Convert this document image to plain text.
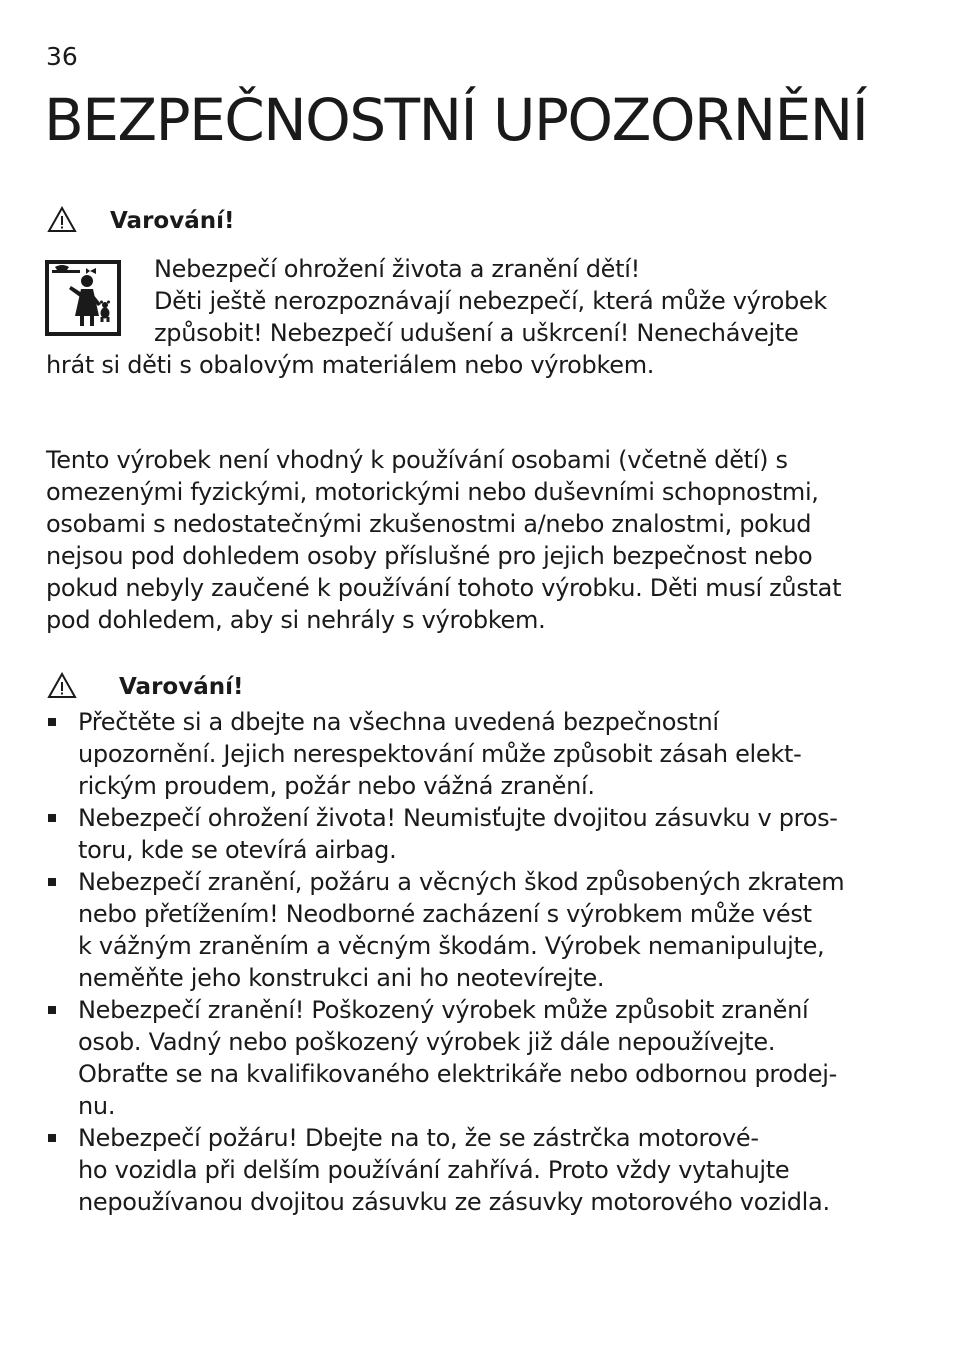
36
BEZPEČNOSTNÍ UPOZORNĚNÍ
Varování!
Nebezpečí ohrožení života a zranění dětí!
Děti ještě nerozpoznávají nebezpečí, která může výrobek
způsobit! Nebezpečí udušení a uškrcení! Nenechávejte
hrát si děti s obalovým materiálem nebo výrobkem.
Tento výrobek není vhodný k používání osobami (včetně dětí) s
omezenými fyzickými, motorickými nebo duševními schopnostmi,
osobami s nedostatečnými zkušenostmi a/nebo znalostmi, pokud
nejsou pod dohledem osoby příslušné pro jejich bezpečnost nebo
pokud nebyly zaučené k používání tohoto výrobku. Děti musí zůstat
pod dohledem, aby si nehrály s výrobkem.
Varování!
Přečtěte si a dbejte na všechna uvedená bezpečnostní
upozornění. Jejich nerespektování může způsobit zásah elekt-
rickým proudem, požár nebo vážná zranění.
Nebezpečí ohrožení života! Neumisťujte dvojitou zásuvku v pros-
toru, kde se otevírá airbag.
Nebezpečí zranění, požáru a věcných škod způsobených zkratem
nebo přetížením! Neodborné zacházení s výrobkem může vést
k vážným zraněním a věcným škodám. Výrobek nemanipulujte,
neměňte jeho konstrukci ani ho neotevírejte.
Nebezpečí zranění! Poškozený výrobek může způsobit zranění
osob. Vadný nebo poškozený výrobek již dále nepoužívejte.
Obraťte se na kvalifikovaného elektrikáře nebo odbornou prodej-
nu.
Nebezpečí požáru! Dbejte na to, že se zástrčka motorové-
ho vozidla při delším používání zahřívá. Proto vždy vytahujte
nepoužívanou dvojitou zásuvku ze zásuvky motorového vozidla.
